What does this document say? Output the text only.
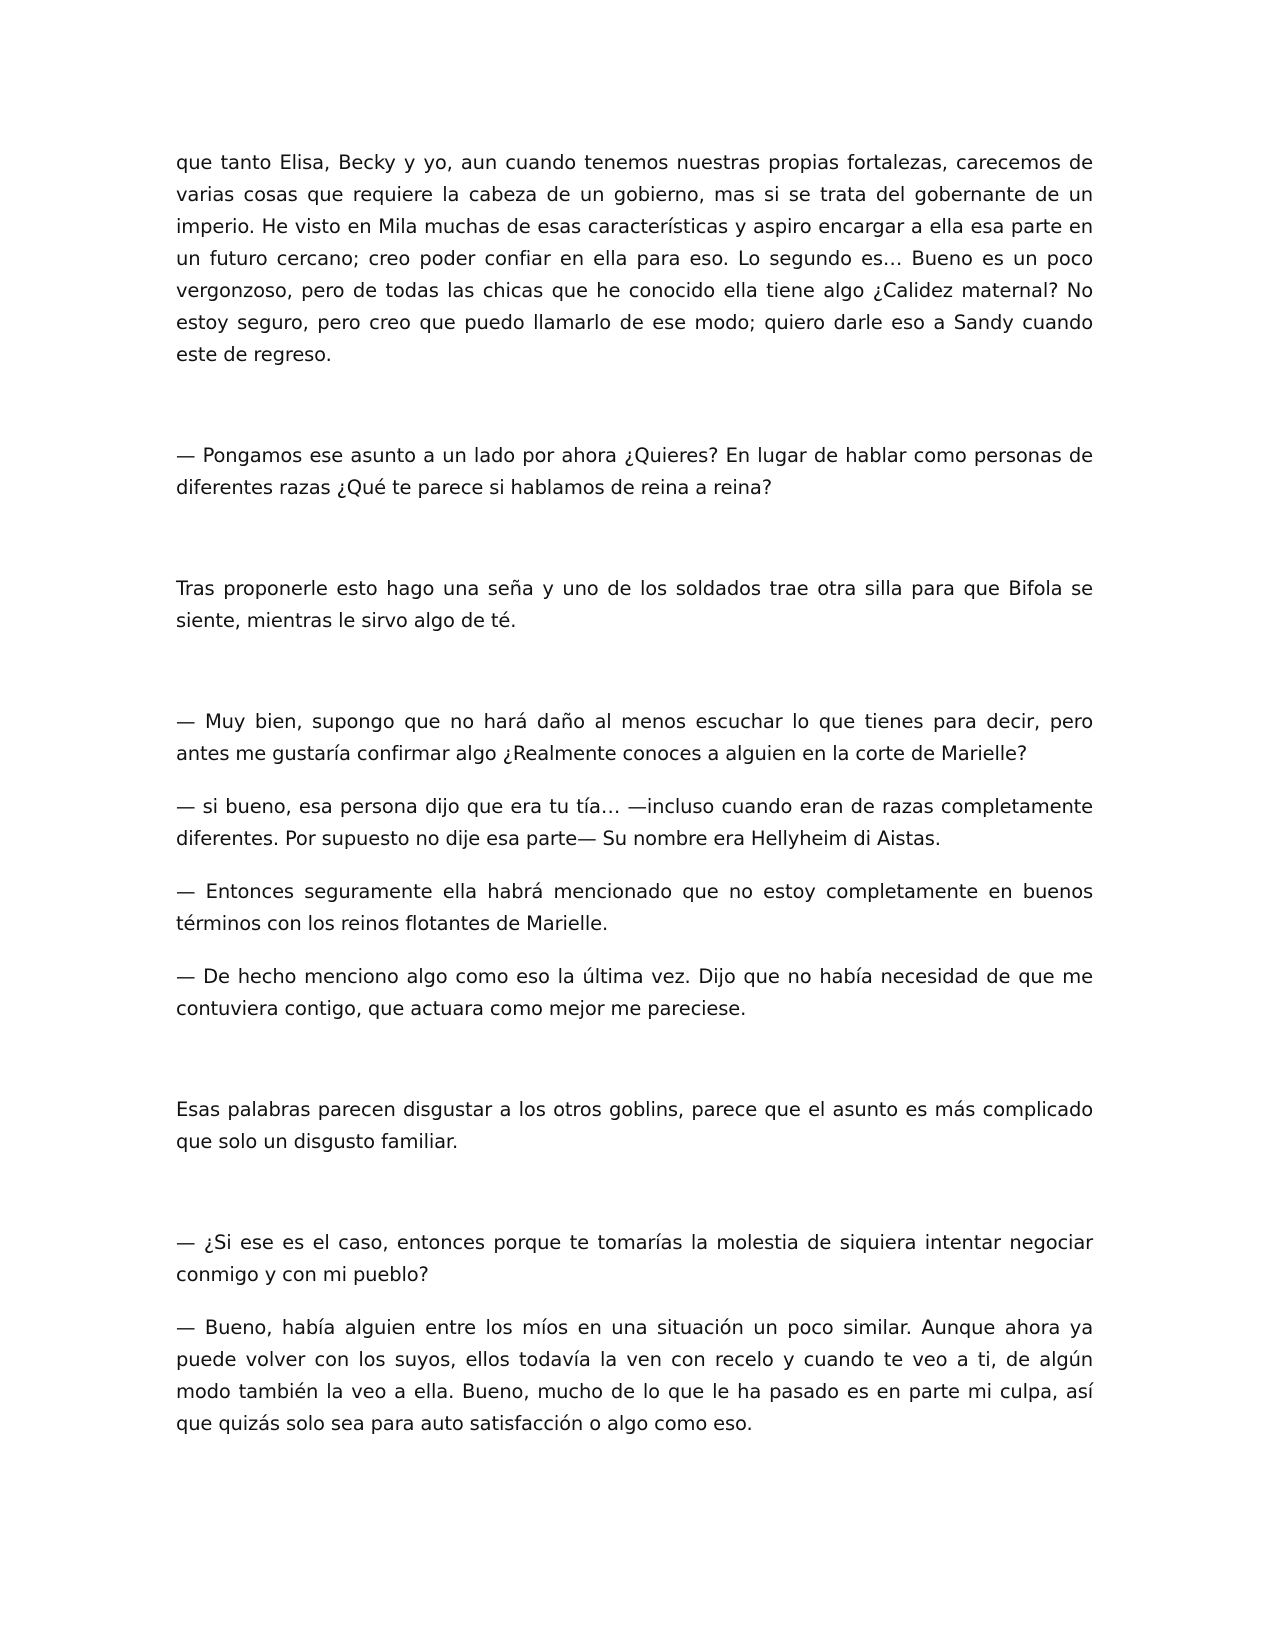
que tanto Elisa, Becky y yo, aun cuando tenemos nuestras propias fortalezas, carecemos de varias cosas que requiere la cabeza de un gobierno, mas si se trata del gobernante de un imperio. He visto en Mila muchas de esas características y aspiro encargar a ella esa parte en un futuro cercano; creo poder confiar en ella para eso. Lo segundo es… Bueno es un poco vergonzoso, pero de todas las chicas que he conocido ella tiene algo ¿Calidez maternal? No estoy seguro, pero creo que puedo llamarlo de ese modo; quiero darle eso a Sandy cuando este de regreso.

— Pongamos ese asunto a un lado por ahora ¿Quieres? En lugar de hablar como personas de diferentes razas ¿Qué te parece si hablamos de reina a reina?

Tras proponerle esto hago una seña y uno de los soldados trae otra silla para que Bifola se siente, mientras le sirvo algo de té.

— Muy bien, supongo que no hará daño al menos escuchar lo que tienes para decir, pero antes me gustaría confirmar algo ¿Realmente conoces a alguien en la corte de Marielle?

— si bueno, esa persona dijo que era tu tía… —incluso cuando eran de razas completamente diferentes. Por supuesto no dije esa parte— Su nombre era Hellyheim di Aistas.

— Entonces seguramente ella habrá mencionado que no estoy completamente en buenos términos con los reinos flotantes de Marielle.

— De hecho menciono algo como eso la última vez. Dijo que no había necesidad de que me contuviera contigo, que actuara como mejor me pareciese.

Esas palabras parecen disgustar a los otros goblins, parece que el asunto es más complicado que solo un disgusto familiar.

— ¿Si ese es el caso, entonces porque te tomarías la molestia de siquiera intentar negociar conmigo y con mi pueblo?

— Bueno, había alguien entre los míos en una situación un poco similar. Aunque ahora ya puede volver con los suyos, ellos todavía la ven con recelo y cuando te veo a ti, de algún modo también la veo a ella. Bueno, mucho de lo que le ha pasado es en parte mi culpa, así que quizás solo sea para auto satisfacción o algo como eso.
